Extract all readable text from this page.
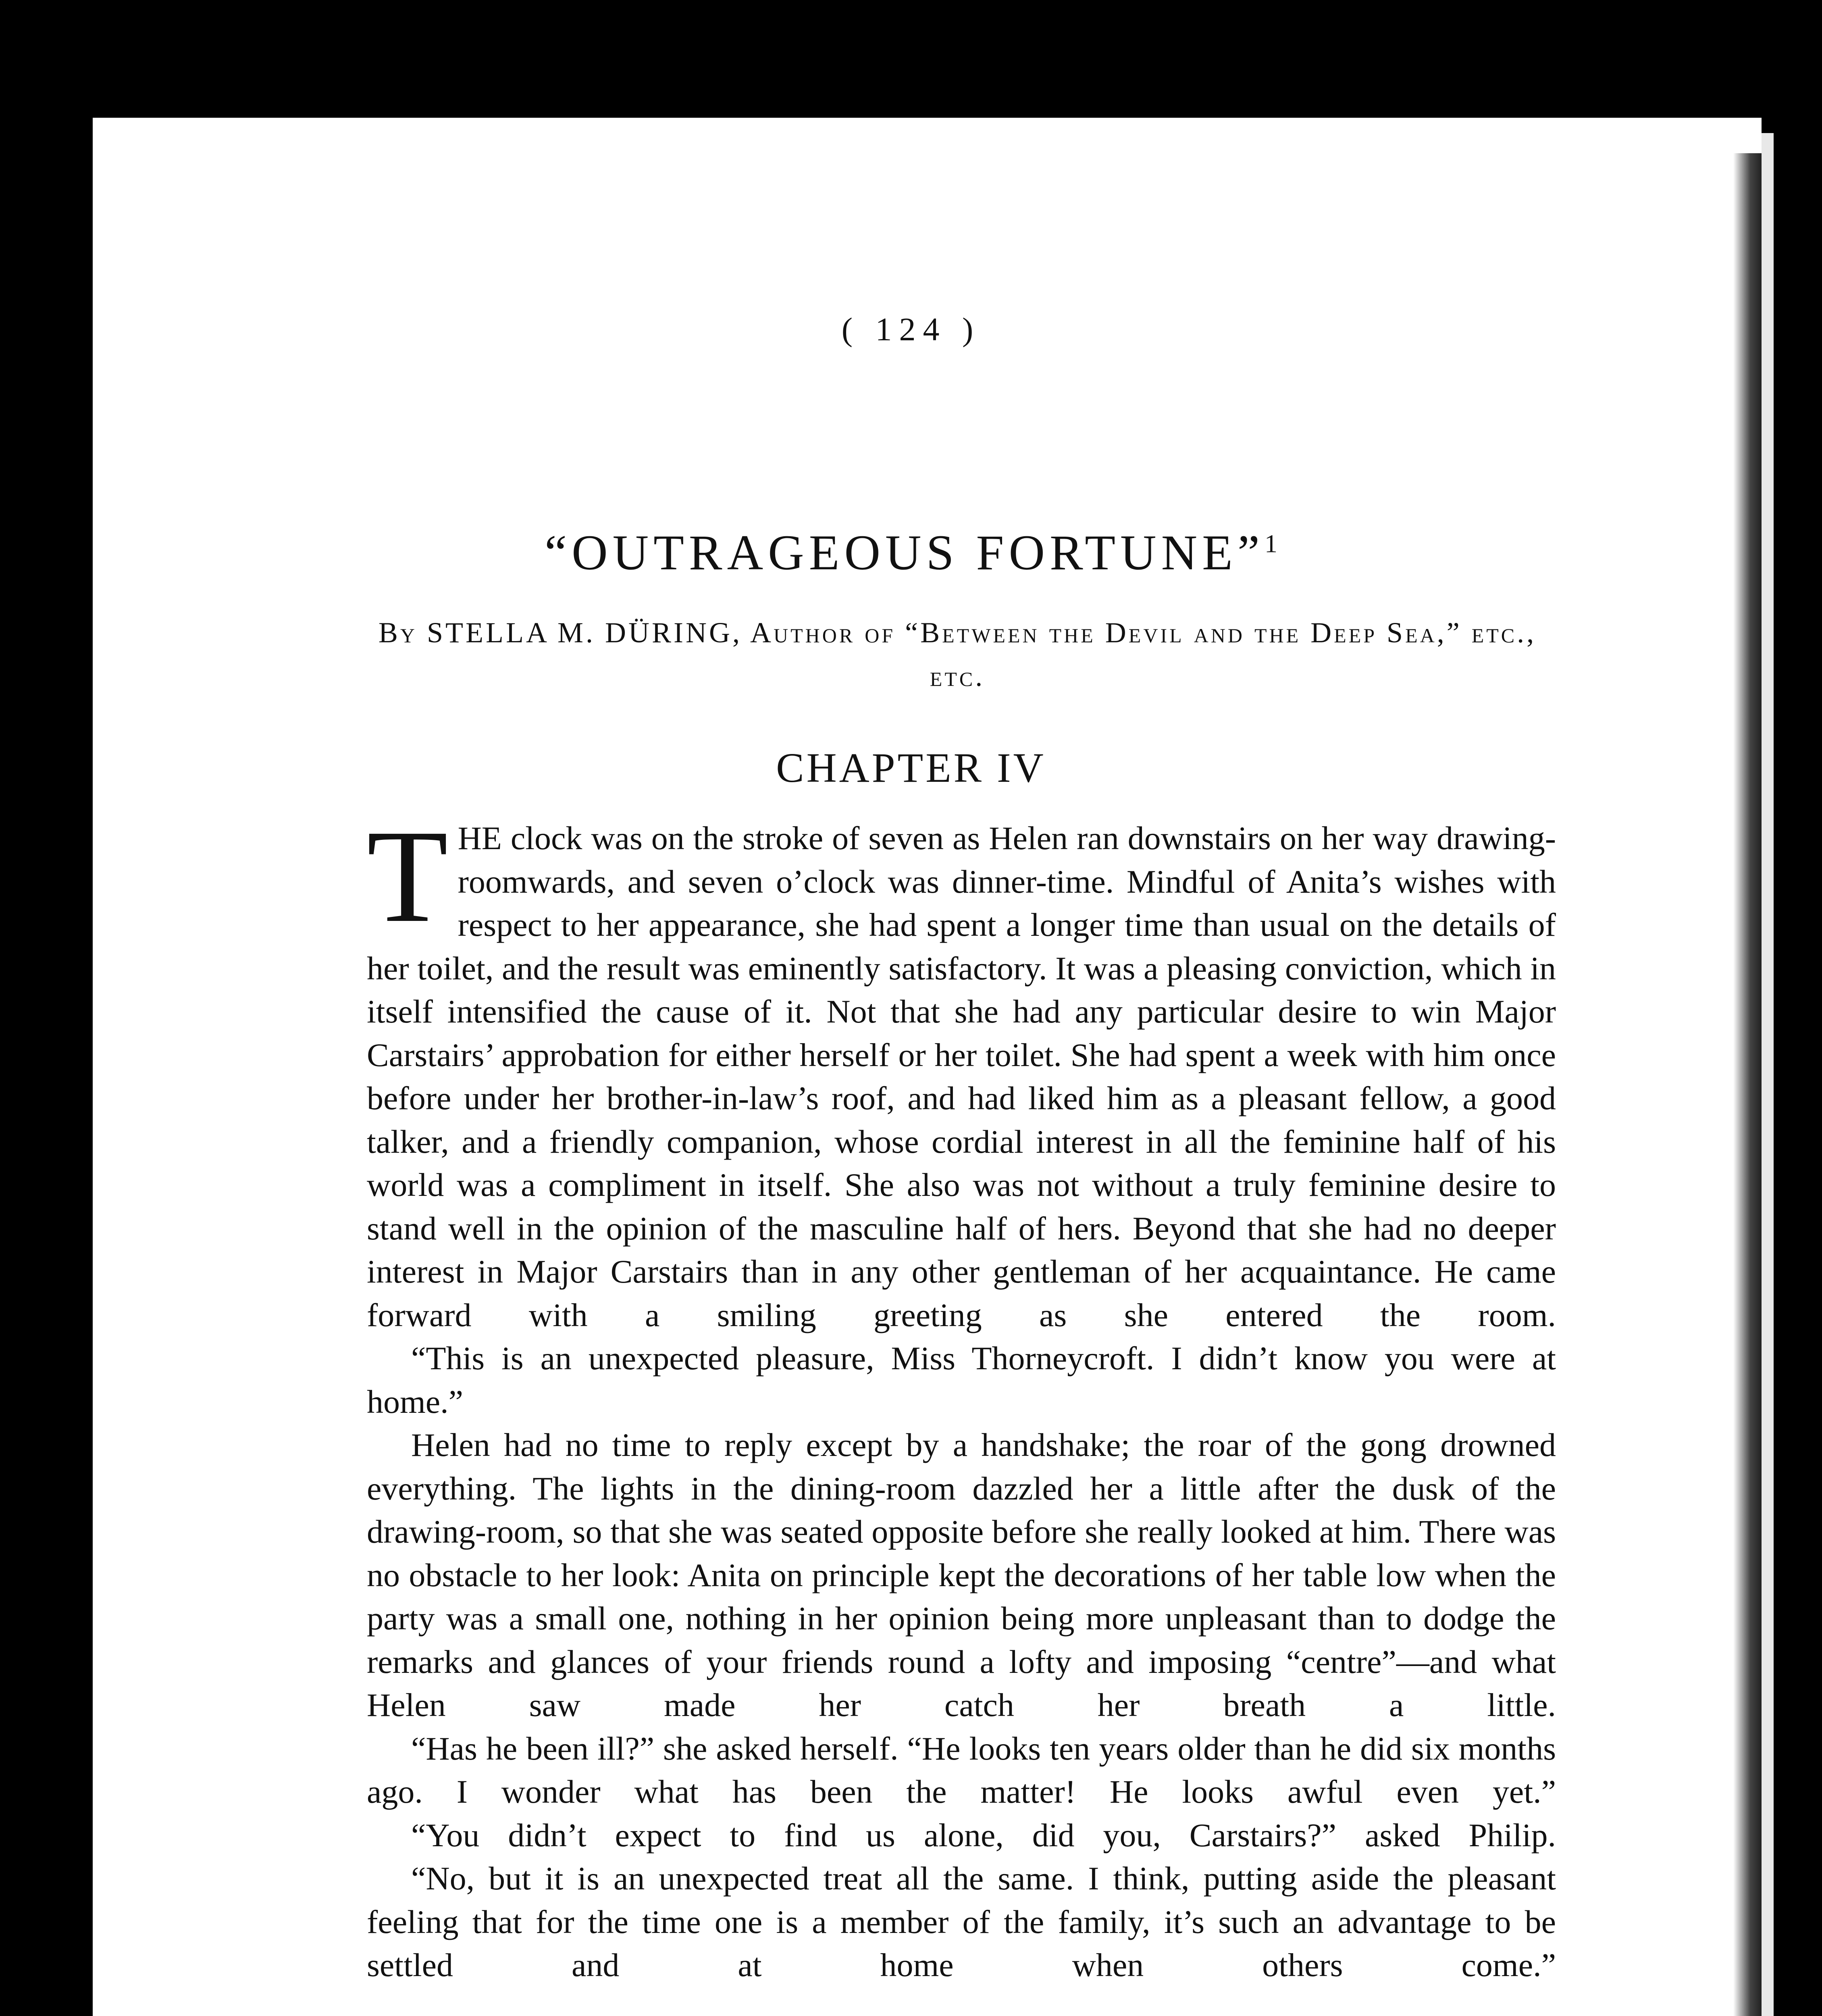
( 124 )
“OUTRAGEOUS FORTUNE”$^1$
By STELLA M. DÜRING, Author of “Between the Devil and the Deep Sea,” etc., etc.
CHAPTER IV

THE clock was on the stroke of seven as Helen ran downstairs on her way drawing-roomwards, and seven o’clock was dinner-time. Mindful of Anita’s wishes with respect to her appearance, she had spent a longer time than usual on the details of her toilet, and the result was eminently satisfactory. It was a pleasing conviction, which in itself intensified the cause of it. Not that she had any particular desire to win Major Carstairs’ approbation for either herself or her toilet. She had spent a week with him once before under her brother-in-law’s roof, and had liked him as a pleasant fellow, a good talker, and a friendly companion, whose cordial interest in all the feminine half of his world was a compliment in itself. She also was not without a truly feminine desire to stand well in the opinion of the masculine half of hers. Beyond that she had no deeper interest in Major Carstairs than in any other gentleman of her acquaintance. He came forward with a smiling greeting as she entered the room.

“This is an unexpected pleasure, Miss Thorneycroft. I didn’t know you were at home.”

Helen had no time to reply except by a handshake; the roar of the gong drowned everything. The lights in the dining-room dazzled her a little after the dusk of the drawing-room, so that she was seated opposite before she really looked at him. There was no obstacle to her look: Anita on principle kept the decorations of her table low when the party was a small one, nothing in her opinion being more unpleasant than to dodge the remarks and glances of your friends round a lofty and imposing “centre”—and what Helen saw made her catch her breath a little.

“Has he been ill?” she asked herself. “He looks ten years older than he did six months ago. I wonder what has been the matter! He looks awful even yet.”

“You didn’t expect to find us alone, did you, Carstairs?” asked Philip.

“No, but it is an unexpected treat all the same. I think, putting aside the pleasant feeling that for the time one is a member of the family, it’s such an advantage to be settled and at home when others come.”
